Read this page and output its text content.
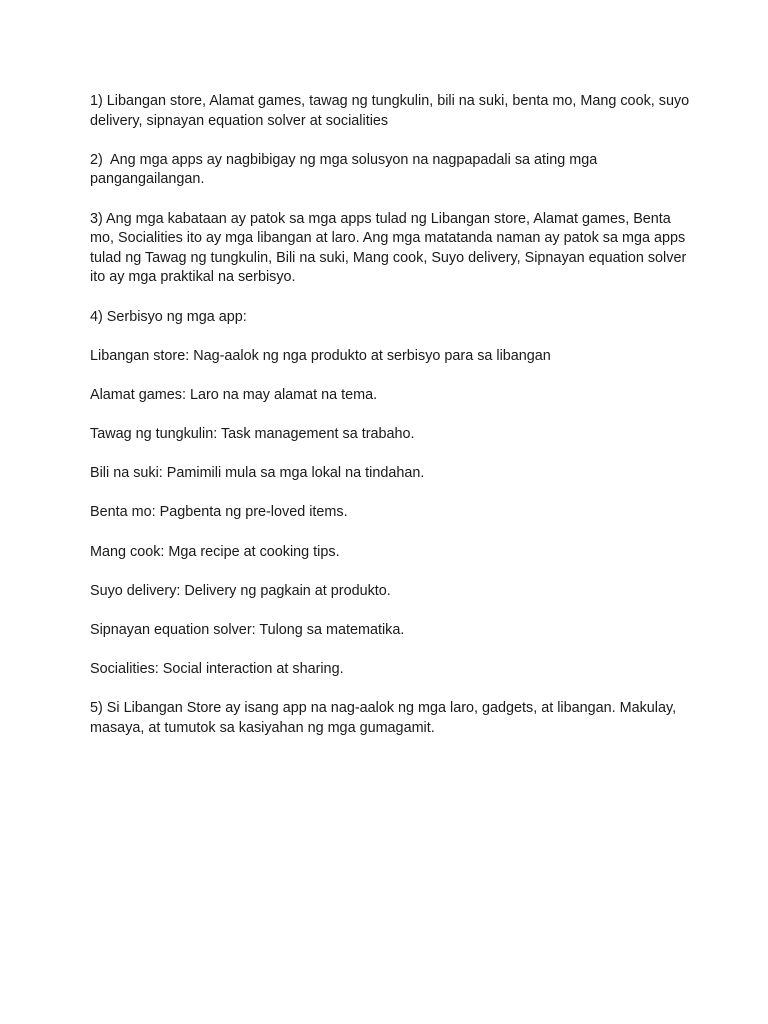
1) Libangan store, Alamat games, tawag ng tungkulin, bili na suki, benta mo, Mang cook, suyo delivery, sipnayan equation solver at socialities

2)  Ang mga apps ay nagbibigay ng mga solusyon na nagpapadali sa ating mga pangangailangan.

3) Ang mga kabataan ay patok sa mga apps tulad ng Libangan store, Alamat games, Benta mo, Socialities ito ay mga libangan at laro. Ang mga matatanda naman ay patok sa mga apps tulad ng Tawag ng tungkulin, Bili na suki, Mang cook, Suyo delivery, Sipnayan equation solver ito ay mga praktikal na serbisyo.

4) Serbisyo ng mga app:

Libangan store: Nag-aalok ng nga produkto at serbisyo para sa libangan

Alamat games: Laro na may alamat na tema.

Tawag ng tungkulin: Task management sa trabaho.

Bili na suki: Pamimili mula sa mga lokal na tindahan.

Benta mo: Pagbenta ng pre-loved items.

Mang cook: Mga recipe at cooking tips.

Suyo delivery: Delivery ng pagkain at produkto.

Sipnayan equation solver: Tulong sa matematika.

Socialities: Social interaction at sharing.

5) Si Libangan Store ay isang app na nag-aalok ng mga laro, gadgets, at libangan. Makulay, masaya, at tumutok sa kasiyahan ng mga gumagamit.
